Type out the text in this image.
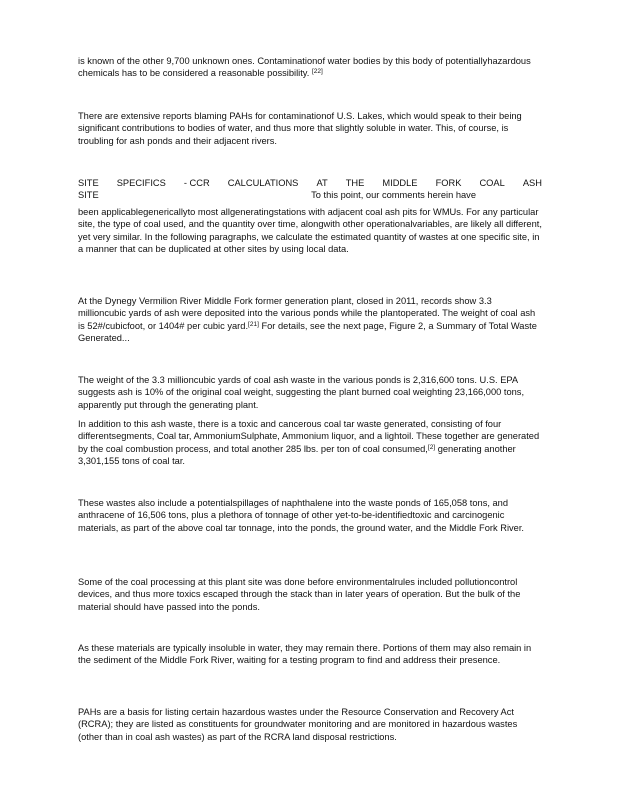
is known of the other 9,700 unknown ones. Contaminationof water bodies by this body of potentiallyhazardous chemicals has to be considered a reasonable possibility. [22]

There are extensive reports blaming PAHs for contaminationof U.S. Lakes, which would speak to their being significant contributions to bodies of water, and thus more that slightly soluble in water. This, of course, is troubling for ash ponds and their adjacent rivers.

SITE SPECIFICS - CCR CALCULATIONS AT THE MIDDLE FORK COAL ASH
SITE	To this point, our comments herein have

been applicablegenericallyto most allgeneratingstations with adjacent coal ash pits for WMUs. For any particular site, the type of coal used, and the quantity over time, alongwith other operationalvariables, are likely all different, yet very similar. In the following paragraphs, we calculate the estimated quantity of wastes at one specific site, in a manner that can be duplicated at other sites by using local data.

At the Dynegy Vermilion River Middle Fork former generation plant, closed in 2011, records show 3.3 millioncubic yards of ash were deposited into the various ponds while the plantoperated. The weight of coal ash is 52#/cubicfoot, or 1404# per cubic yard.[21] For details, see the next page, Figure 2, a Summary of Total Waste Generated...

The weight of the 3.3 millioncubic yards of coal ash waste in the various ponds is 2,316,600 tons. U.S. EPA suggests ash is 10% of the original coal weight, suggesting the plant burned coal weighting 23,166,000 tons, apparently put through the generating plant.

In addition to this ash waste, there is a toxic and cancerous coal tar waste generated, consisting of four differentsegments, Coal tar, AmmoniumSulphate, Ammonium liquor, and a lightoil. These together are generated by the coal combustion process, and total another 285 lbs. per ton of coal consumed,[2] generating another 3,301,155 tons of coal tar.

These wastes also include a potentialspillages of naphthalene into the waste ponds of 165,058 tons, and anthracene of 16,506 tons, plus a plethora of tonnage of other yet-to-be-identifiedtoxic and carcinogenic materials, as part of the above coal tar tonnage, into the ponds, the ground water, and the Middle Fork River.

Some of the coal processing at this plant site was done before environmentalrules included pollutioncontrol devices, and thus more toxics escaped through the stack than in later years of operation. But the bulk of the material should have passed into the ponds.

As these materials are typically insoluble in water, they may remain there. Portions of them may also remain in the sediment of the Middle Fork River, waiting for a testing program to find and address their presence.

PAHs are a basis for listing certain hazardous wastes under the Resource Conservation and Recovery Act (RCRA); they are listed as constituents for groundwater monitoring and are monitored in hazardous wastes (other than in coal ash wastes) as part of the RCRA land disposal restrictions.
